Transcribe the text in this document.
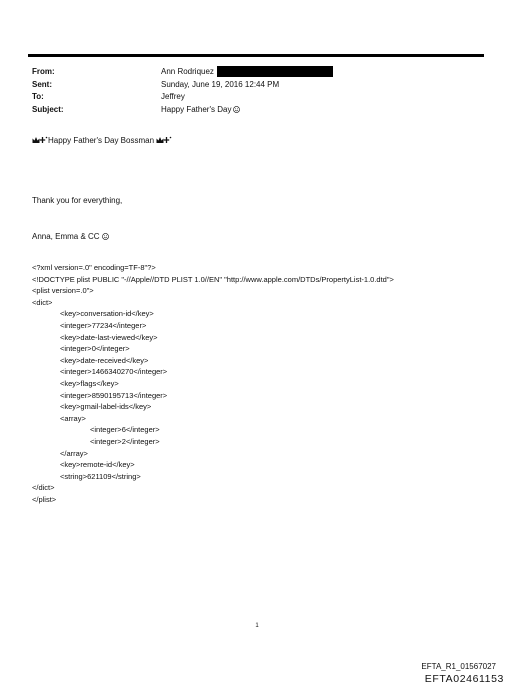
From:	Ann Rodriquez
Sent:	Sunday, June 19, 2016 12:44 PM
To:	Jeffrey
Subject:	Happy Father's Day
Happy Father's Day Bossman

Thank you for everything,

Anna, Emma & CC

<?xml version=.0" encoding=TF-8"?>
<!DOCTYPE plist PUBLIC "-//Apple//DTD PLIST 1.0//EN" "http://www.apple.com/DTDs/PropertyList-1.0.dtd">
<plist version=.0">
<dict>
<key>conversation-id</key>
<integer>77234</integer>
<key>date-last-viewed</key>
<integer>0</integer>
<key>date-received</key>
<integer>1466340270</integer>
<key>flags</key>
<integer>8590195713</integer>
<key>gmail-label-ids</key>
<array>
<integer>6</integer>
<integer>2</integer>
</array>
<key>remote-id</key>
<string>621109</string>
</dict>
</plist>
1
EFTA_R1_01567027
EFTA02461153
